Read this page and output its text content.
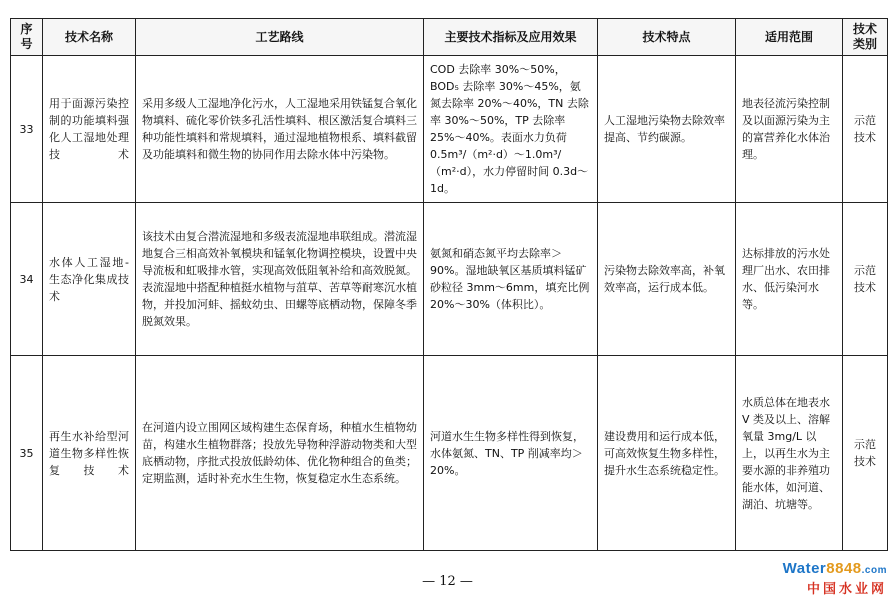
序
号	技术名称	工艺路线	主要技术指标及应用效果	技术特点	适用范围	技术
类别
33	用于面源污染控制的功能填料强化人工湿地处理技术	采用多级人工湿地净化污水，人工湿地采用铁锰复合氧化物填料、硫化零价铁多孔活性填料、根区激活复合填料三种功能性填料和常规填料，通过湿地植物根系、填料截留及功能填料和微生物的协同作用去除水体中污染物。	COD 去除率 30%～50%，BOD₅ 去除率 30%～45%，氨氮去除率 20%～40%，TN 去除率 30%～50%，TP 去除率 25%～40%。表面水力负荷 0.5m³/（m²·d）～1.0m³/（m²·d），水力停留时间 0.3d～1d。	人工湿地污染物去除效率提高、节约碳源。	地表径流污染控制及以面源污染为主的富营养化水体治理。	示范
技术
34	水体人工湿地-生态净化集成技术	该技术由复合潜流湿地和多级表流湿地串联组成。潜流湿地复合三相高效补氧模块和锰氧化物调控模块，设置中央导流板和虹吸排水管，实现高效低阻氧补给和高效脱氮。表流湿地中搭配种植挺水植物与菹草、苦草等耐寒沉水植物，并投加河蚌、摇蚊幼虫、田螺等底栖动物，保障冬季脱氮效果。	氨氮和硝态氮平均去除率＞90%。湿地缺氧区基质填料锰矿砂粒径 3mm～6mm，填充比例 20%～30%（体积比）。	污染物去除效率高，补氧效率高，运行成本低。	达标排放的污水处理厂出水、农田排水、低污染河水等。	示范
技术
35	再生水补给型河道生物多样性恢复技术	在河道内设立围网区域构建生态保育场，种植水生植物幼苗，构建水生植物群落；投放先导物种浮游动物类和大型底栖动物，序批式投放低龄幼体、优化物种组合的鱼类；定期监测，适时补充水生生物，恢复稳定水生态系统。	河道水生生物多样性得到恢复，水体氨氮、TN、TP 削减率均＞20%。	建设费用和运行成本低，可高效恢复生物多样性，提升水生态系统稳定性。	水质总体在地表水 V 类及以上、溶解氧量 3mg/L 以上，以再生水为主要水源的非养殖功能水体，如河道、湖泊、坑塘等。	示范
技术
— 12 —
Water8848.com
中国水业网
